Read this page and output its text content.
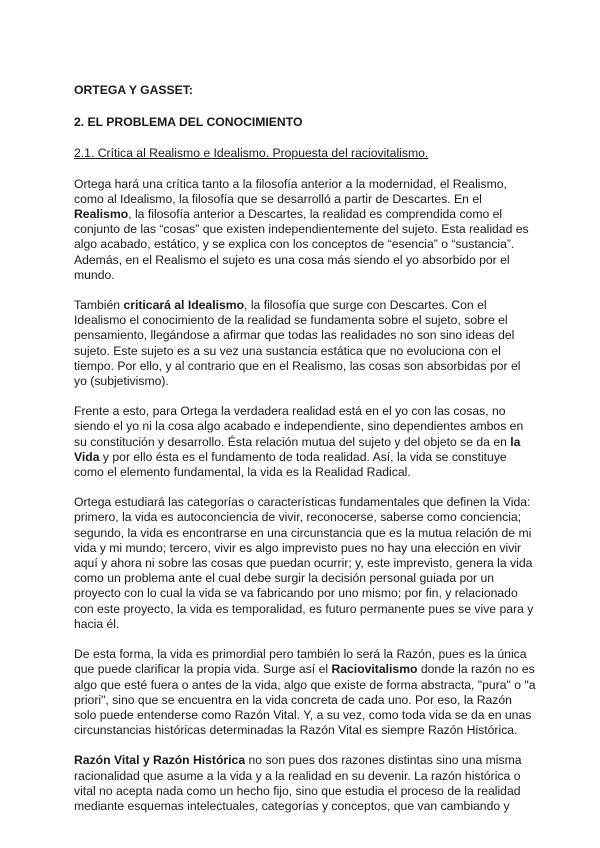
ORTEGA Y GASSET:

2. EL PROBLEMA DEL CONOCIMIENTO

2.1. Crítica al Realismo e Idealismo. Propuesta del raciovitalismo.

Ortega hará una crítica tanto a la filosofía anterior a la modernidad, el Realismo, como al Idealismo, la filosofía que se desarrolló a partir de Descartes. En el Realismo, la filosofía anterior a Descartes, la realidad es comprendida como el conjunto de las “cosas” que existen independientemente del sujeto. Esta realidad es algo acabado, estático, y se explica con los conceptos de “esencia” o “sustancia”. Además, en el Realismo el sujeto es una cosa más siendo el yo absorbido por el mundo.

También criticará al Idealismo, la filosofía que surge con Descartes. Con el Idealismo el conocimiento de la realidad se fundamenta sobre el sujeto, sobre el pensamiento, llegándose a afirmar que todas las realidades no son sino ideas del sujeto. Este sujeto es a su vez una sustancia estática que no evoluciona con el tiempo. Por ello, y al contrario que en el Realismo, las cosas son absorbidas por el yo (subjetivismo).

Frente a esto, para Ortega la verdadera realidad está en el yo con las cosas, no siendo el yo ni la cosa algo acabado e independiente, sino dependientes ambos en su constitución y desarrollo. Ésta relación mutua del sujeto y del objeto se da en la Vida y por ello ésta es el fundamento de toda realidad. Así, la vida se constituye como el elemento fundamental, la vida es la Realidad Radical.

Ortega estudiará las categorías o características fundamentales que definen la Vida: primero, la vida es autoconciencia de vivir, reconocerse, saberse como conciencia; segundo, la vida es encontrarse en una circunstancia que es la mutua relación de mi vida y mi mundo; tercero, vivir es algo imprevisto pues no hay una elección en vivir aquí y ahora ni sobre las cosas que puedan ocurrir; y, este imprevisto, genera la vida como un problema ante el cual debe surgir la decisión personal guiada por un proyecto con lo cual la vida se va fabricando por uno mismo; por fin, y relacionado con este proyecto, la vida es temporalidad, es futuro permanente pues se vive para y hacia él.

De esta forma, la vida es primordial pero también lo será la Razón, pues es la única que puede clarificar la propia vida. Surge así el Raciovitalismo donde la razón no es algo que esté fuera o antes de la vida, algo que existe de forma abstracta, "pura" o "a priori", sino que se encuentra en la vida concreta de cada uno. Por eso, la Razón solo puede entenderse como Razón Vital. Y, a su vez, como toda vida se da en unas circunstancias históricas determinadas la Razón Vital es siempre Razón Histórica.

Razón Vital y Razón Histórica no son pues dos razones distintas sino una misma racionalidad que asume a la vida y a la realidad en su devenir. La razón histórica o vital no acepta nada como un hecho fijo, sino que estudia el proceso de la realidad mediante esquemas intelectuales, categorías y conceptos, que van cambiando y
